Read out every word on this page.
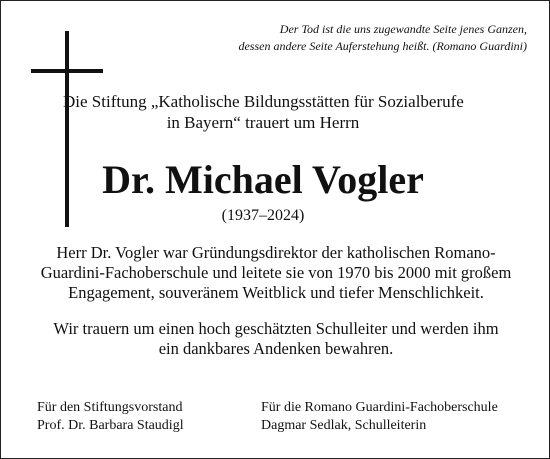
Der Tod ist die uns zugewandte Seite jenes Ganzen,
dessen andere Seite Auferstehung heißt. (Romano Guardini)
Die Stiftung „Katholische Bildungsstätten für Sozialberufe
in Bayern“ trauert um Herrn
Dr. Michael Vogler
(1937–2024)
Herr Dr. Vogler war Gründungsdirektor der katholischen Romano-
Guardini-Fachoberschule und leitete sie von 1970 bis 2000 mit großem
Engagement, souveränem Weitblick und tiefer Menschlichkeit.
Wir trauern um einen hoch geschätzten Schulleiter und werden ihm
ein dankbares Andenken bewahren.
Für den Stiftungsvorstand
Prof. Dr. Barbara Staudigl
Für die Romano Guardini-Fachoberschule
Dagmar Sedlak, Schulleiterin
